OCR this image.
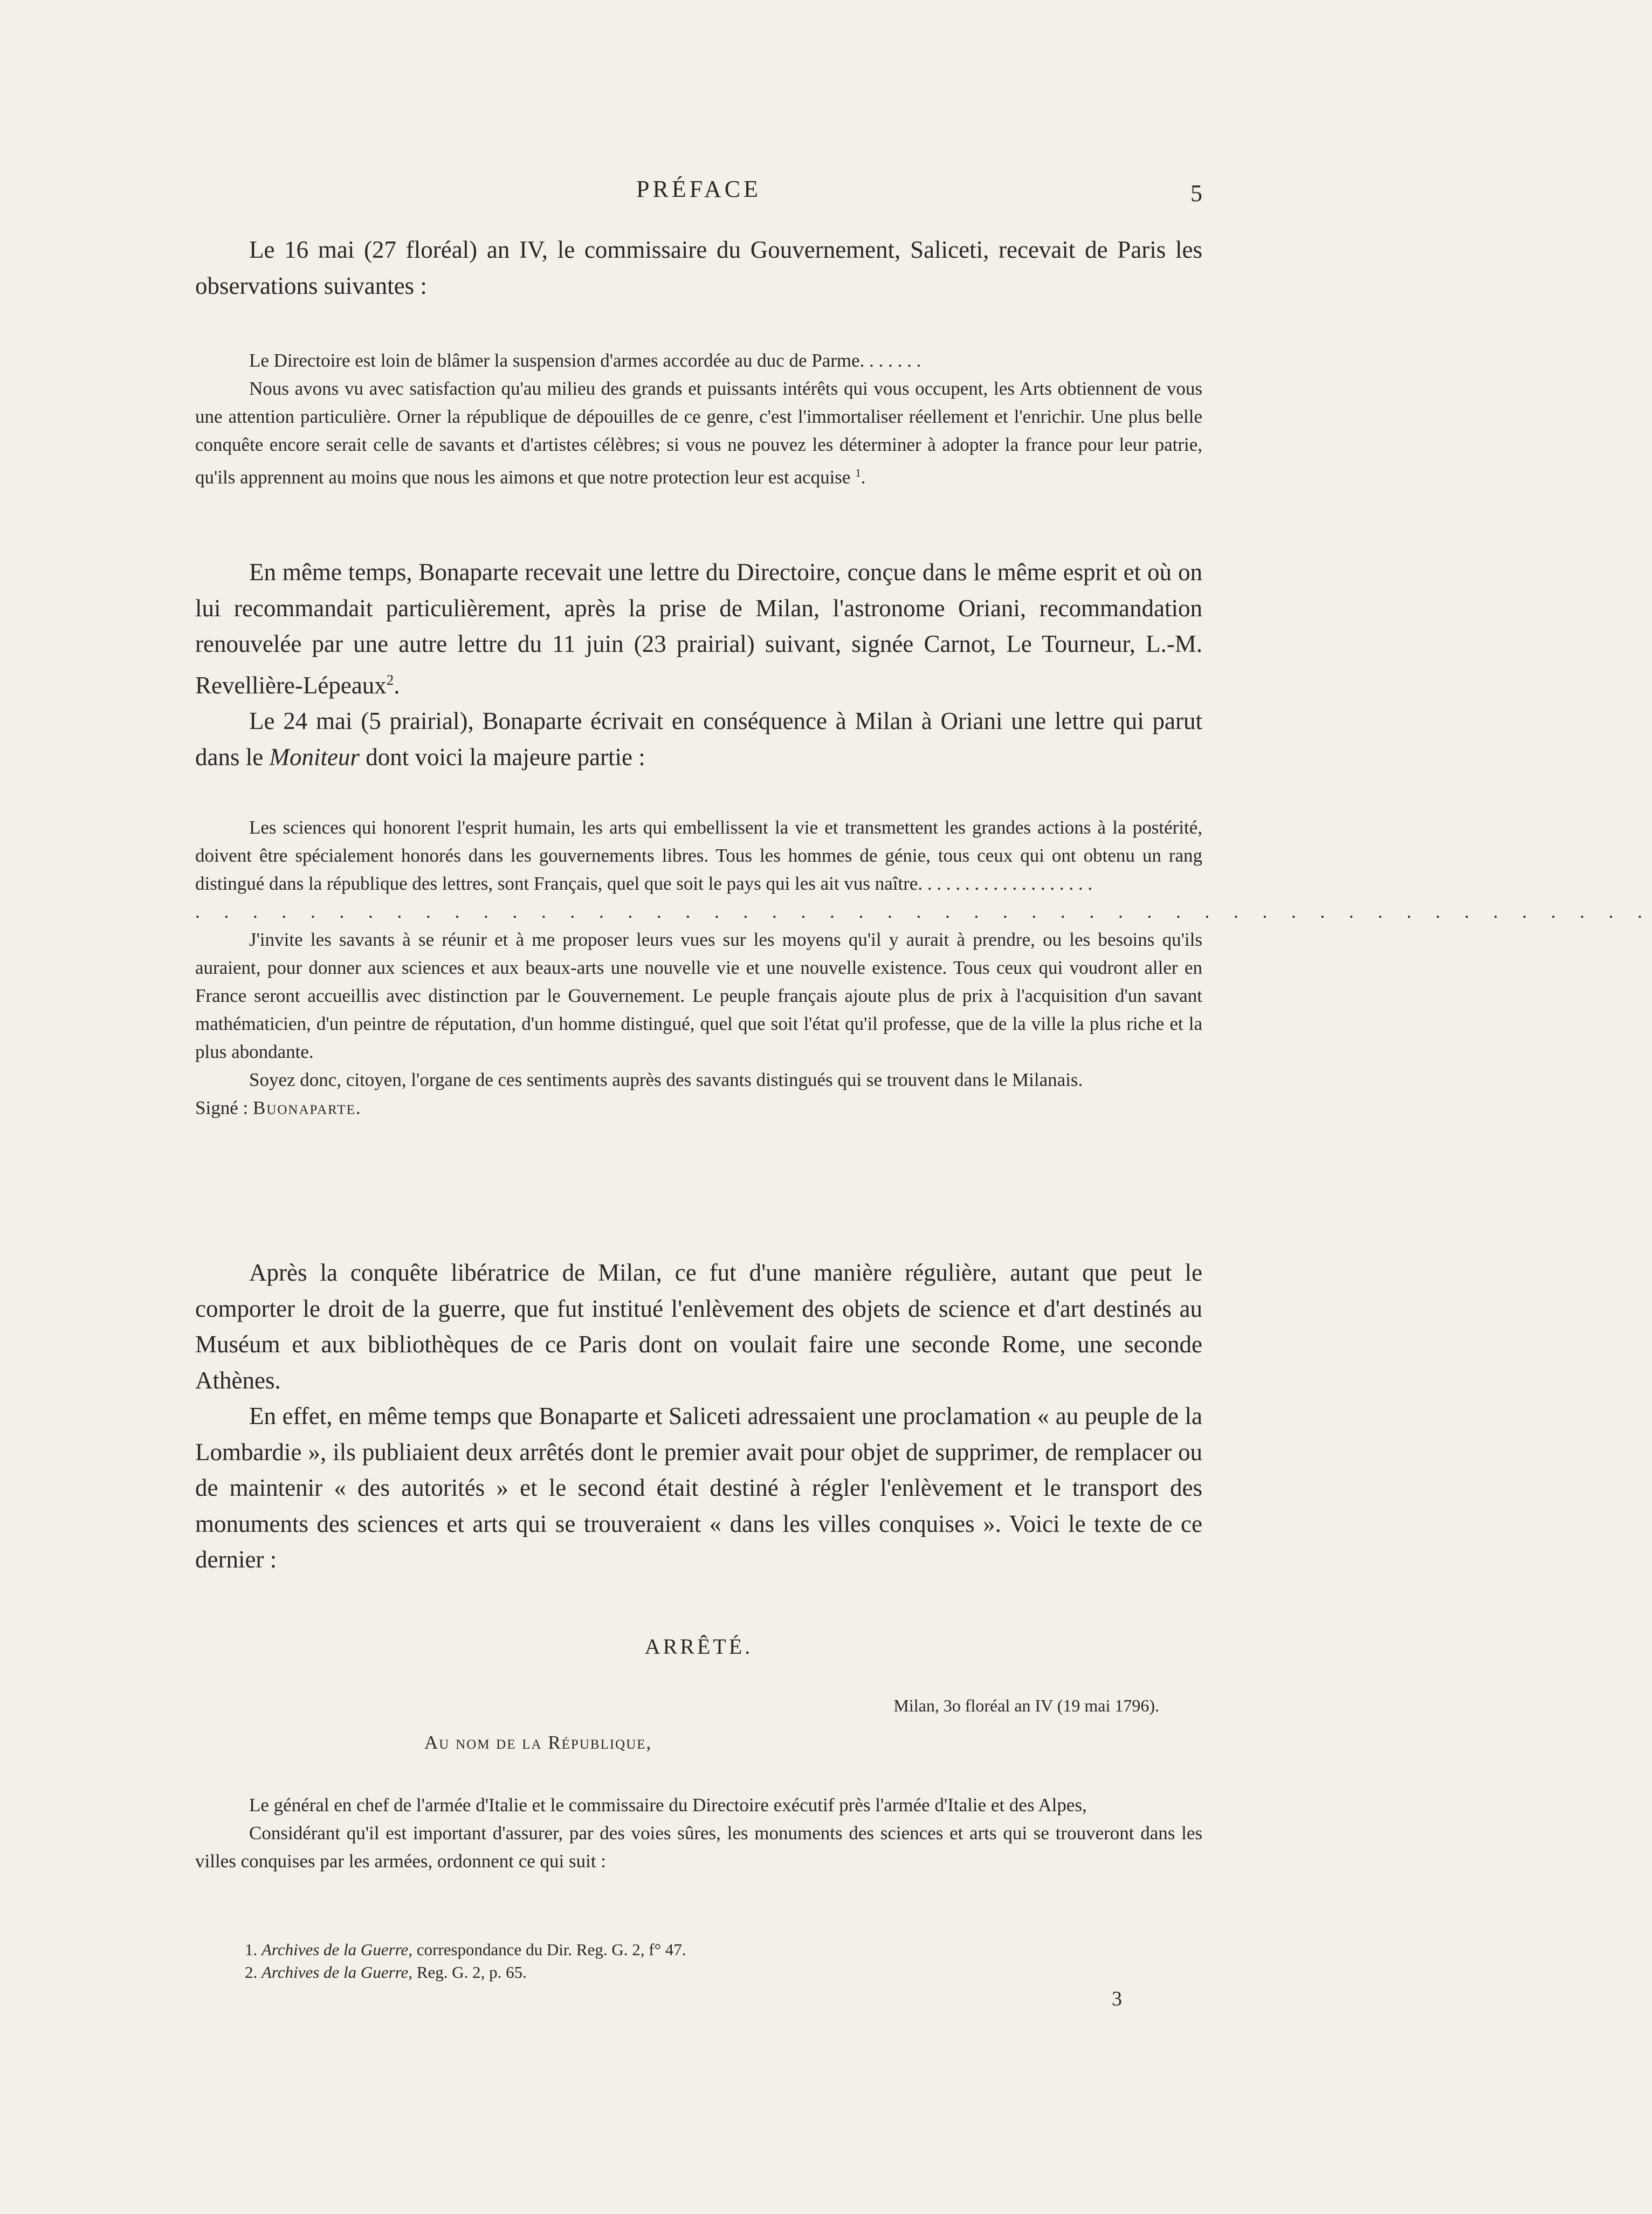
PRÉFACE	5

Le 16 mai (27 floréal) an IV, le commissaire du Gouvernement, Saliceti, recevait de Paris les observations suivantes :

Le Directoire est loin de blâmer la suspension d'armes accordée au duc de Parme. . . . . . .

Nous avons vu avec satisfaction qu'au milieu des grands et puissants intérêts qui vous occupent, les Arts obtiennent de vous une attention particulière. Orner la république de dépouilles de ce genre, c'est l'immortaliser réellement et l'enrichir. Une plus belle conquête encore serait celle de savants et d'artistes célèbres; si vous ne pouvez les déterminer à adopter la france pour leur patrie, qu'ils apprennent au moins que nous les aimons et que notre protection leur est acquise $^1$.

En même temps, Bonaparte recevait une lettre du Directoire, conçue dans le même esprit et où on lui recommandait particulièrement, après la prise de Milan, l'astronome Oriani, recommandation renouvelée par une autre lettre du 11 juin (23 prairial) suivant, signée Carnot, Le Tourneur, L.-M. Revellière-Lépeaux$^2$.

Le 24 mai (5 prairial), Bonaparte écrivait en conséquence à Milan à Oriani une lettre qui parut dans le Moniteur dont voici la majeure partie :

Les sciences qui honorent l'esprit humain, les arts qui embellissent la vie et transmettent les grandes actions à la postérité, doivent être spécialement honorés dans les gouvernements libres. Tous les hommes de génie, tous ceux qui ont obtenu un rang distingué dans la république des lettres, sont Français, quel que soit le pays qui les ait vus naître. . . . . . . . . . . . . . . . . . .

. . . . . . . . . . . . . . . . . . . . . . . . . . . . . . . . . . . . . . . . . . . . . . . . . . .

J'invite les savants à se réunir et à me proposer leurs vues sur les moyens qu'il y aurait à prendre, ou les besoins qu'ils auraient, pour donner aux sciences et aux beaux-arts une nouvelle vie et une nouvelle existence. Tous ceux qui voudront aller en France seront accueillis avec distinction par le Gouvernement. Le peuple français ajoute plus de prix à l'acquisition d'un savant mathématicien, d'un peintre de réputation, d'un homme distingué, quel que soit l'état qu'il professe, que de la ville la plus riche et la plus abondante.

Soyez donc, citoyen, l'organe de ces sentiments auprès des savants distingués qui se trouvent dans le Milanais.

Signé : Buonaparte.

Après la conquête libératrice de Milan, ce fut d'une manière régulière, autant que peut le comporter le droit de la guerre, que fut institué l'enlèvement des objets de science et d'art destinés au Muséum et aux bibliothèques de ce Paris dont on voulait faire une seconde Rome, une seconde Athènes.

En effet, en même temps que Bonaparte et Saliceti adressaient une proclamation « au peuple de la Lombardie », ils publiaient deux arrêtés dont le premier avait pour objet de supprimer, de remplacer ou de maintenir « des autorités » et le second était destiné à régler l'enlèvement et le transport des monuments des sciences et arts qui se trouveraient « dans les villes conquises ». Voici le texte de ce dernier :

ARRÊTÉ.
Milan, 3o floréal an IV (19 mai 1796).
Au nom de la République,

Le général en chef de l'armée d'Italie et le commissaire du Directoire exécutif près l'armée d'Italie et des Alpes,

Considérant qu'il est important d'assurer, par des voies sûres, les monuments des sciences et arts qui se trouveront dans les villes conquises par les armées, ordonnent ce qui suit :

1. Archives de la Guerre, correspondance du Dir. Reg. G. 2, f° 47.

2. Archives de la Guerre, Reg. G. 2, p. 65.

3
